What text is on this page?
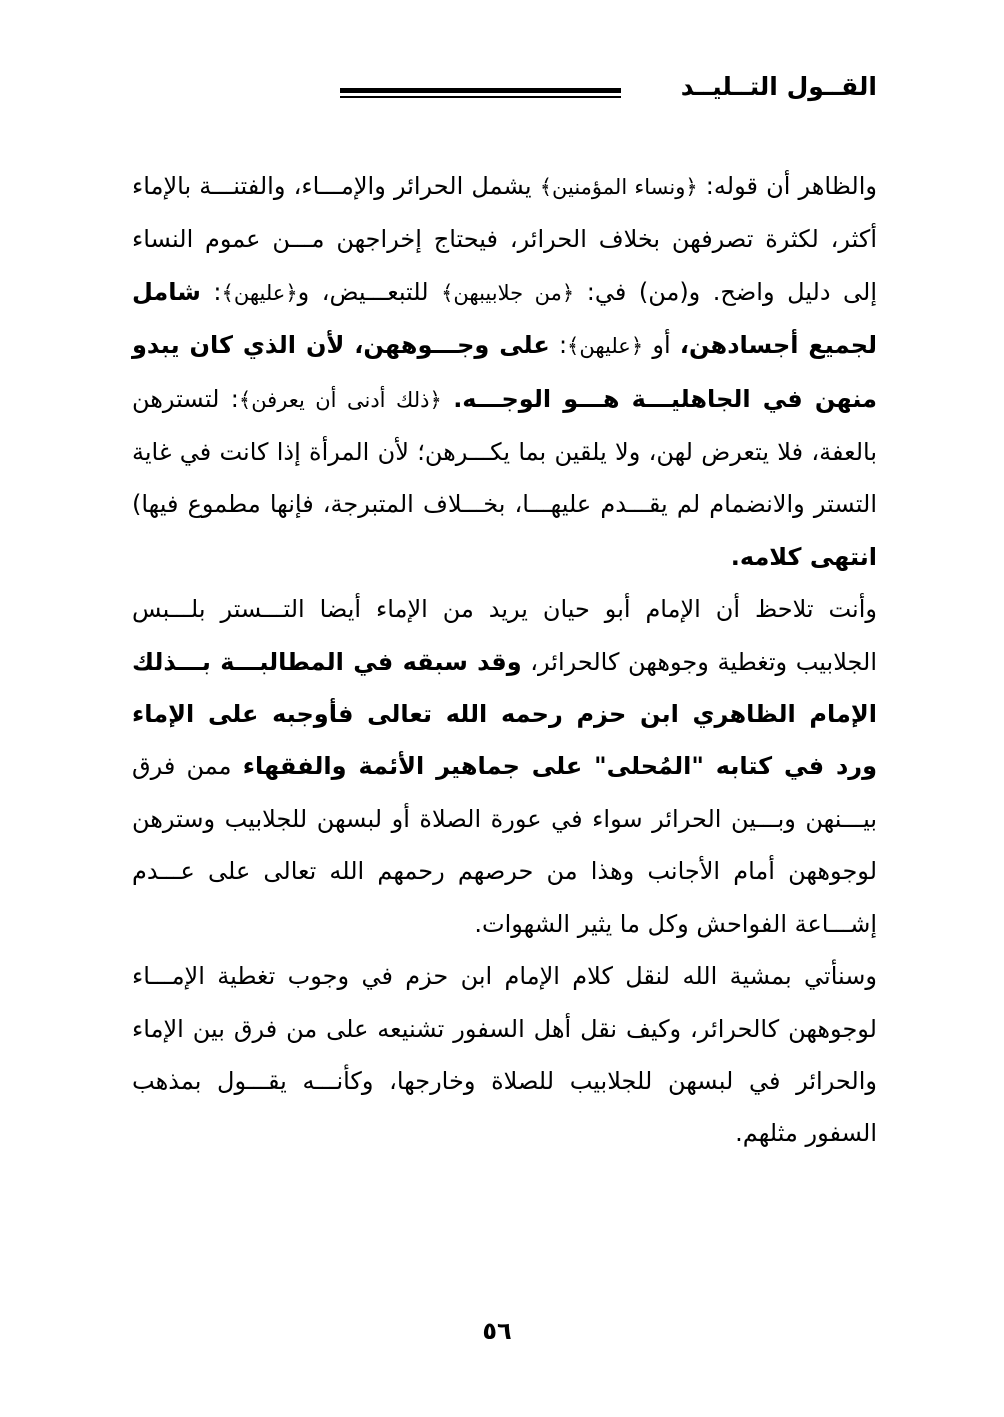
القــول التــليــد

والظاهر أن قوله: ﴿ونساء المؤمنين﴾ يشمل الحرائر والإمـــاء، والفتنـــة بالإماء أكثر، لكثرة تصرفهن بخلاف الحرائر، فيحتاج إخراجهن مـــن عموم النساء إلى دليل واضح. و(من) في: ﴿من جلابيبهن﴾ للتبعـــيض، و﴿عليهن﴾: شامل لجميع أجسادهن، أو ﴿عليهن﴾: على وجـــوههن، لأن الذي كان يبدو منهن في الجاهليـــة هـــو الوجـــه. ﴿ذلك أدنى أن يعرفن﴾: لتسترهن بالعفة، فلا يتعرض لهن، ولا يلقين بما يكـــرهن؛ لأن المرأة إذا كانت في غاية التستر والانضمام لم يقـــدم عليهـــا، بخـــلاف المتبرجة، فإنها مطموع فيها) انتهى كلامه.

وأنت تلاحظ أن الإمام أبو حيان يريد من الإماء أيضا التـــستر بلـــبس الجلابيب وتغطية وجوههن كالحرائر، وقد سبقه في المطالبـــة بـــذلك الإمام الظاهري ابن حزم رحمه الله تعالى فأوجبه على الإماء ورد في كتابه "المُحلى" على جماهير الأئمة والفقهاء ممن فرق بيـــنهن وبـــين الحرائر سواء في عورة الصلاة أو لبسهن للجلابيب وسترهن لوجوههن أمام الأجانب وهذا من حرصهم رحمهم الله تعالى على عـــدم إشـــاعة الفواحش وكل ما يثير الشهوات.

وسنأتي بمشية الله لنقل كلام الإمام ابن حزم في وجوب تغطية الإمـــاء لوجوههن كالحرائر، وكيف نقل أهل السفور تشنيعه على من فرق بين الإماء والحرائر في لبسهن للجلابيب للصلاة وخارجها، وكأنـــه يقـــول بمذهب السفور مثلهم.

٥٦
